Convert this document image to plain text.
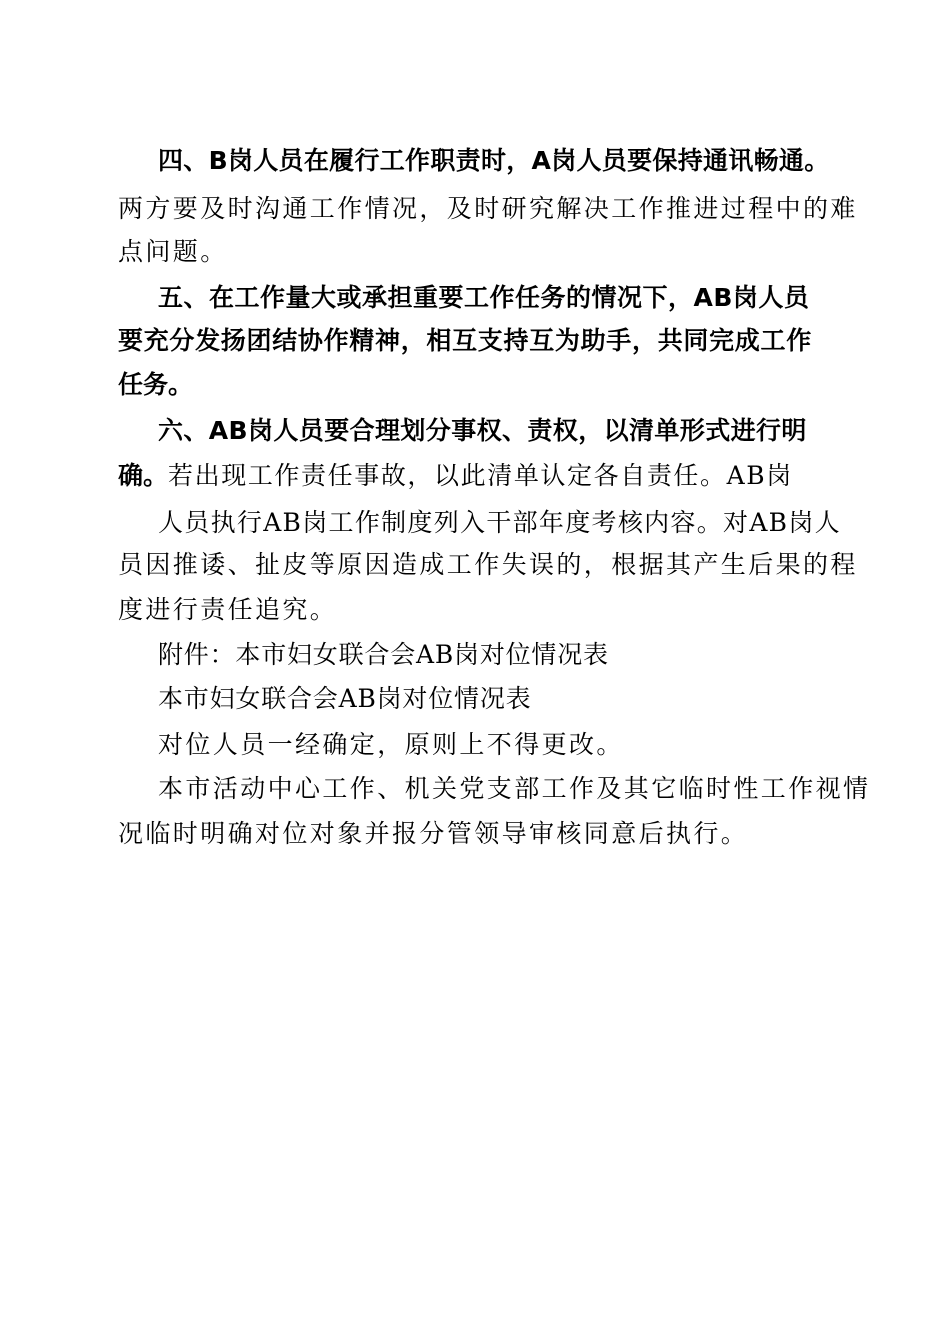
四、B岗人员在履行工作职责时，A岗人员要保持通讯畅通。
两方要及时沟通工作情况，及时研究解决工作推进过程中的难
点问题。
五、在工作量大或承担重要工作任务的情况下，AB岗人员
要充分发扬团结协作精神，相互支持互为助手，共同完成工作
任务。
六、AB岗人员要合理划分事权、责权，以清单形式进行明
确。若出现工作责任事故，以此清单认定各自责任。AB岗
人员执行AB岗工作制度列入干部年度考核内容。对AB岗人
员因推诿、扯皮等原因造成工作失误的，根据其产生后果的程
度进行责任追究。
附件：本市妇女联合会AB岗对位情况表
本市妇女联合会AB岗对位情况表
对位人员一经确定，原则上不得更改。
本市活动中心工作、机关党支部工作及其它临时性工作视情
况临时明确对位对象并报分管领导审核同意后执行。
